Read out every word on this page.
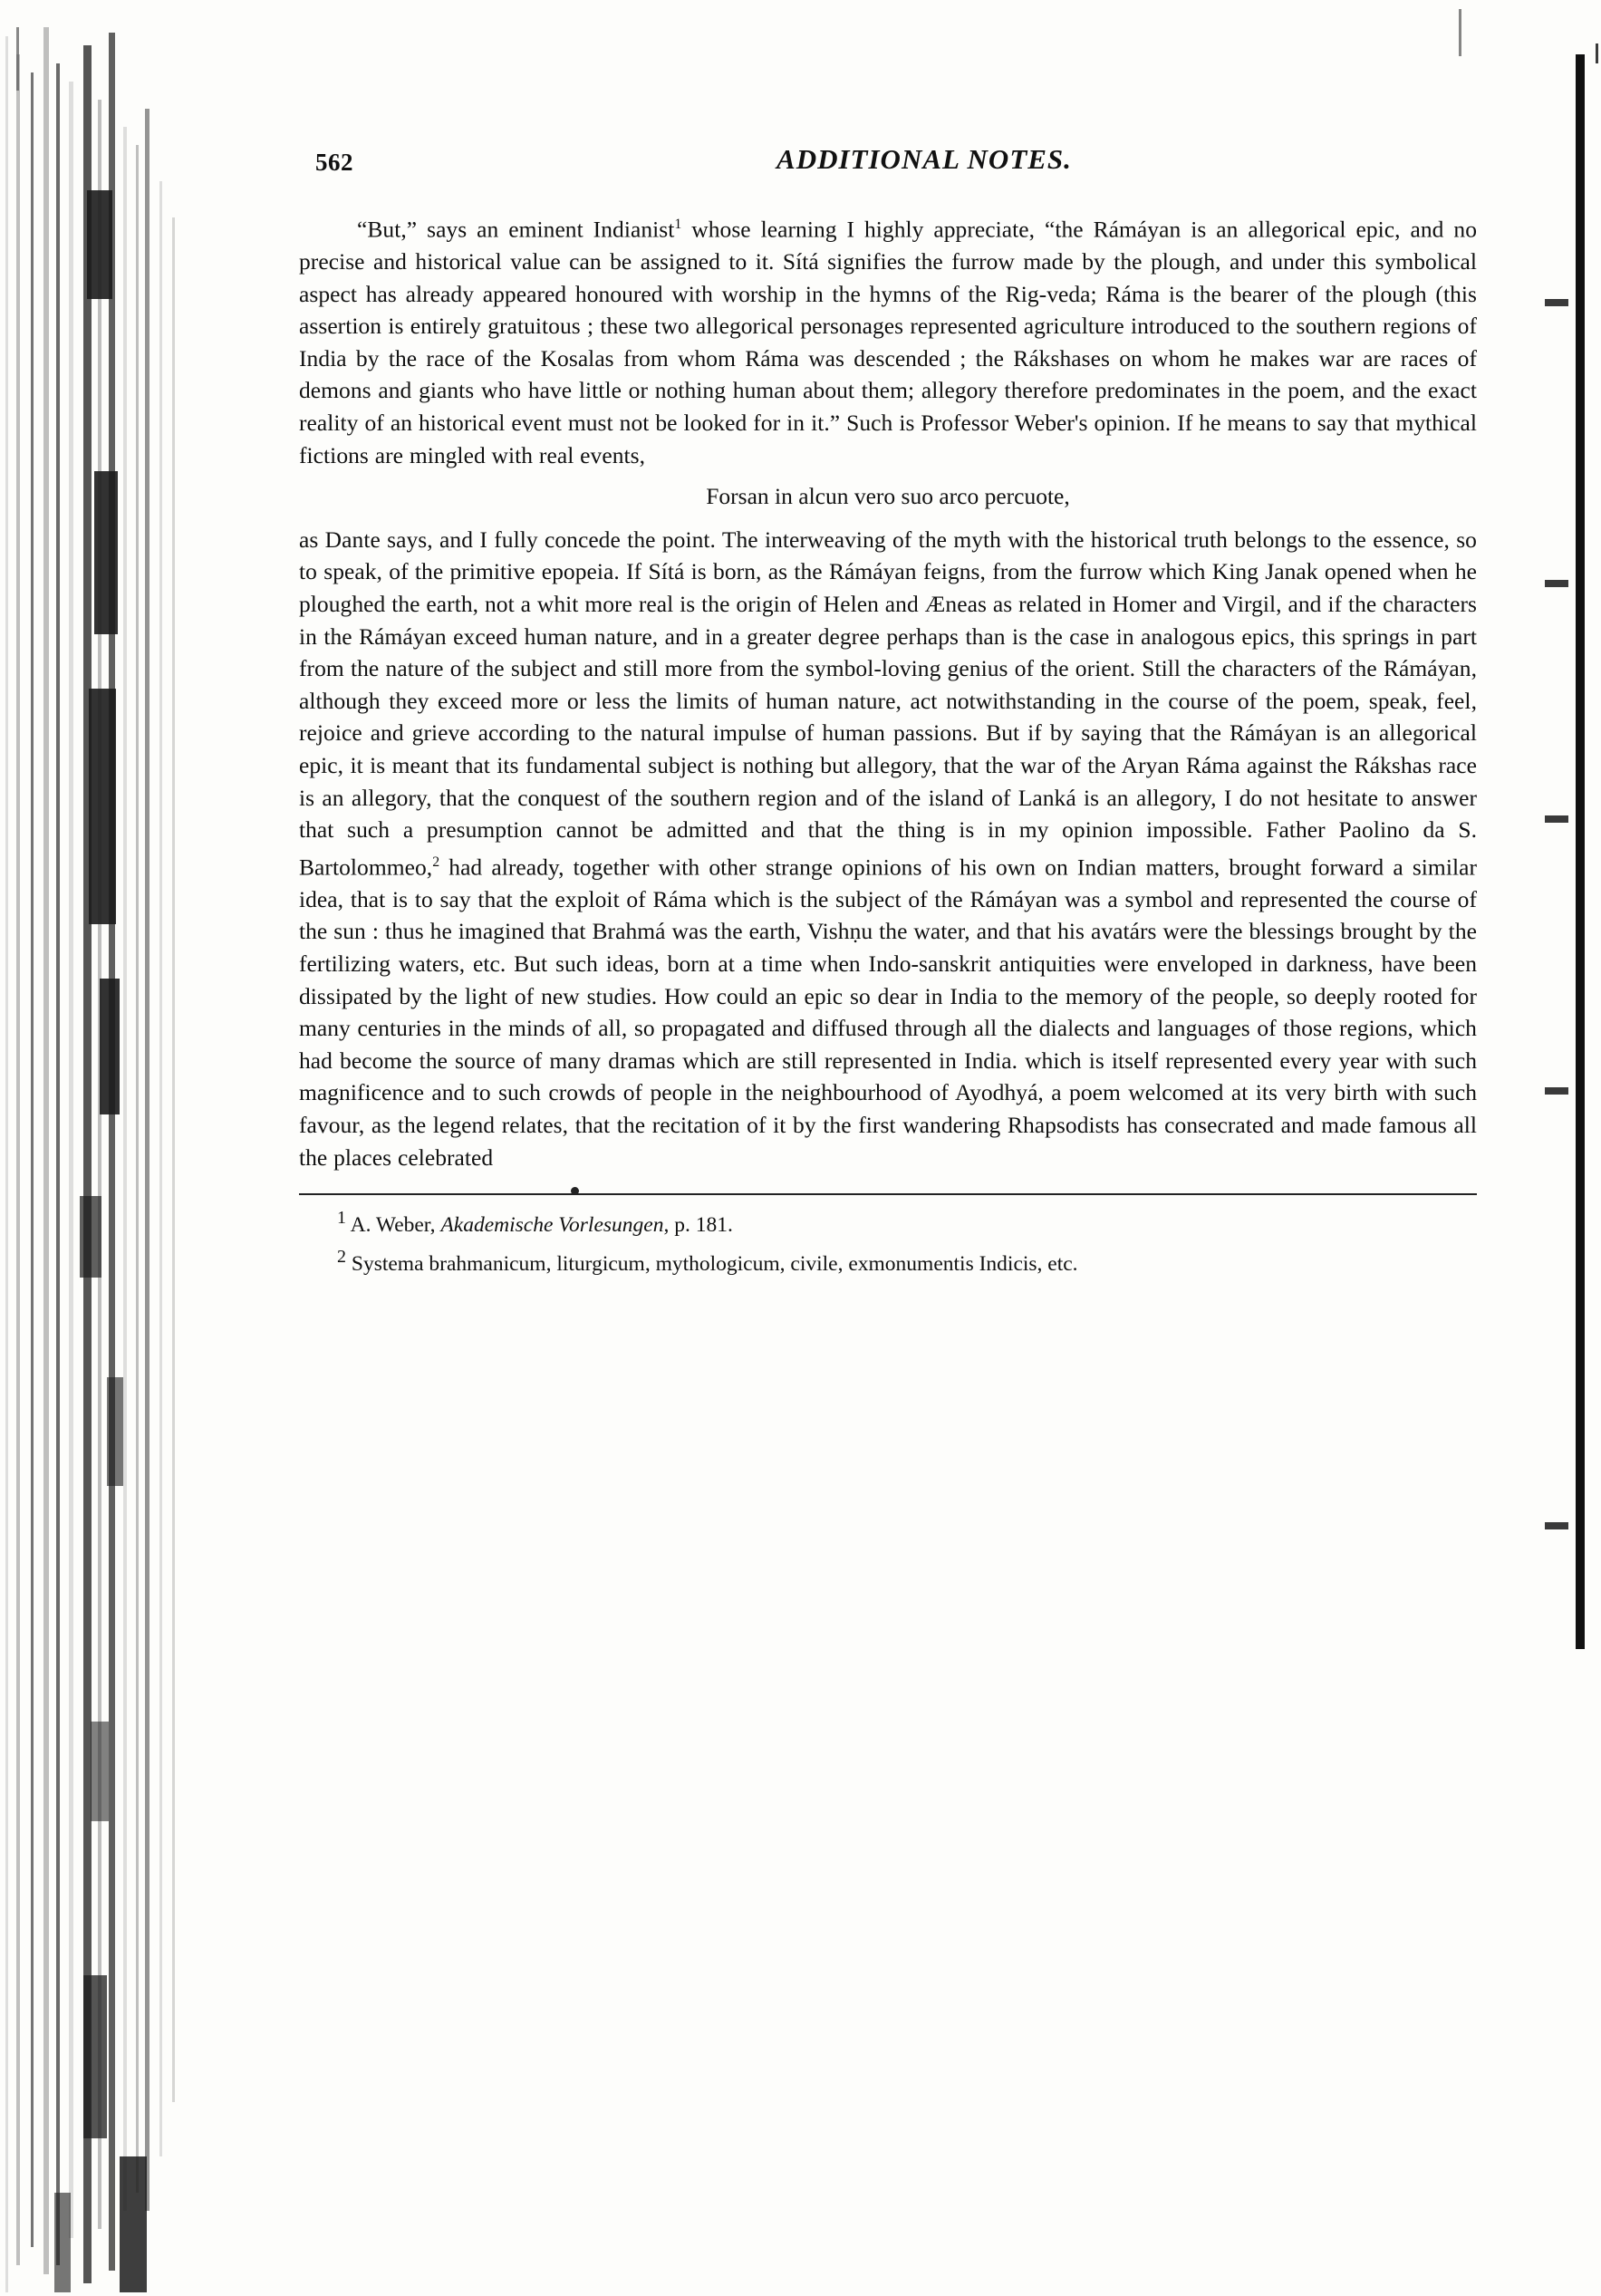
562	ADDITIONAL NOTES.

“But,” says an eminent Indianist$^1$ whose learning I highly appreciate, “the Rámáyan is an allegorical epic, and no precise and historical value can be assigned to it. Sítá signifies the furrow made by the plough, and under this symbolical aspect has already appeared honoured with worship in the hymns of the Rig-veda; Ráma is the bearer of the plough (this assertion is entirely gratuitous ; these two allegorical personages represented agriculture introduced to the southern regions of India by the race of the Kosalas from whom Ráma was descended ; the Rákshases on whom he makes war are races of demons and giants who have little or nothing human about them; allegory therefore predominates in the poem, and the exact reality of an historical event must not be looked for in it.” Such is Professor Weber's opinion. If he means to say that mythical fictions are mingled with real events,

Forsan in alcun vero suo arco percuote,

as Dante says, and I fully concede the point. The interweaving of the myth with the historical truth belongs to the essence, so to speak, of the primitive epopeia. If Sítá is born, as the Rámáyan feigns, from the furrow which King Janak opened when he ploughed the earth, not a whit more real is the origin of Helen and Æneas as related in Homer and Virgil, and if the characters in the Rámáyan exceed human nature, and in a greater degree perhaps than is the case in analogous epics, this springs in part from the nature of the subject and still more from the symbol-loving genius of the orient. Still the characters of the Rámáyan, although they exceed more or less the limits of human nature, act notwithstanding in the course of the poem, speak, feel, rejoice and grieve according to the natural impulse of human passions. But if by saying that the Rámáyan is an allegorical epic, it is meant that its fundamental subject is nothing but allegory, that the war of the Aryan Ráma against the Rákshas race is an allegory, that the conquest of the southern region and of the island of Lanká is an allegory, I do not hesitate to answer that such a presumption cannot be admitted and that the thing is in my opinion impossible. Father Paolino da S. Bartolommeo,$^2$ had already, together with other strange opinions of his own on Indian matters, brought forward a similar idea, that is to say that the exploit of Ráma which is the subject of the Rámáyan was a symbol and represented the course of the sun : thus he imagined that Brahmá was the earth, Vishṇu the water, and that his avatárs were the blessings brought by the fertilizing waters, etc. But such ideas, born at a time when Indo-sanskrit antiquities were enveloped in darkness, have been dissipated by the light of new studies. How could an epic so dear in India to the memory of the people, so deeply rooted for many centuries in the minds of all, so propagated and diffused through all the dialects and languages of those regions, which had become the source of many dramas which are still represented in India. which is itself represented every year with such magnificence and to such crowds of people in the neighbourhood of Ayodhyá, a poem welcomed at its very birth with such favour, as the legend relates, that the recitation of it by the first wandering Rhapsodists has consecrated and made famous all the places celebrated

$^1$ A. Weber, Akademische Vorlesungen, p. 181.

$^2$ Systema brahmanicum, liturgicum, mythologicum, civile, exmonumentis Indicis, etc.
